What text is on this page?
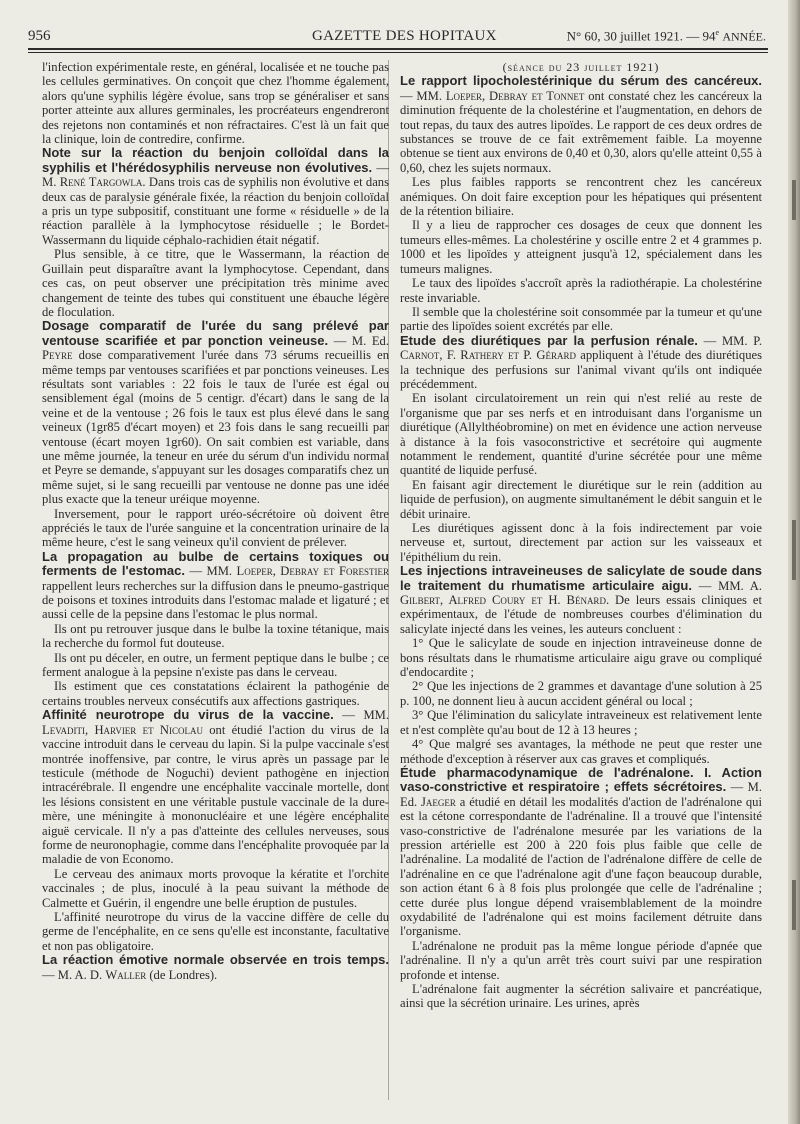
956	GAZETTE DES HOPITAUX	N° 60, 30 juillet 1921. — 94e ANNÉE.

l'infection expérimentale reste, en général, localisée et ne touche pas les cellules germinatives. On conçoit que chez l'homme également, alors qu'une syphilis légère évolue, sans trop se généraliser et sans porter atteinte aux allures germinales, les procréateurs engendreront des rejetons non contaminés et non réfractaires. C'est là un fait que la clinique, loin de contredire, confirme.

Note sur la réaction du benjoin colloïdal dans la syphilis et l'hérédosyphilis nerveuse non évolutives. — M. René Targowla. Dans trois cas de syphilis non évolutive et dans deux cas de paralysie générale fixée, la réaction du benjoin colloïdal a pris un type subpositif, constituant une forme « résiduelle » de la réaction parallèle à la lymphocytose résiduelle ; le Bordet-Wassermann du liquide céphalo-rachidien était négatif.

Plus sensible, à ce titre, que le Wassermann, la réaction de Guillain peut disparaître avant la lymphocytose. Cependant, dans ces cas, on peut observer une précipitation très minime avec changement de teinte des tubes qui constituent une ébauche légère de floculation.

Dosage comparatif de l'urée du sang prélevé par ventouse scarifiée et par ponction veineuse. — M. Ed. Peyre dose comparativement l'urée dans 73 sérums recueillis en même temps par ventouses scarifiées et par ponctions veineuses. Les résultats sont variables : 22 fois le taux de l'urée est égal ou sensiblement égal (moins de 5 centigr. d'écart) dans le sang de la veine et de la ventouse ; 26 fois le taux est plus élevé dans le sang veineux (1gr85 d'écart moyen) et 23 fois dans le sang recueilli par ventouse (écart moyen 1gr60). On sait combien est variable, dans une même journée, la teneur en urée du sérum d'un individu normal et Peyre se demande, s'appuyant sur les dosages comparatifs chez un même sujet, si le sang recueilli par ventouse ne donne pas une idée plus exacte que la teneur uréique moyenne.

Inversement, pour le rapport uréo-sécrétoire où doivent être appréciés le taux de l'urée sanguine et la concentration urinaire de la même heure, c'est le sang veineux qu'il convient de prélever.

La propagation au bulbe de certains toxiques ou ferments de l'estomac. — MM. Loeper, Debray et Forestier rappellent leurs recherches sur la diffusion dans le pneumo-gastrique de poisons et toxines introduits dans l'estomac malade et ligaturé ; et aussi celle de la pepsine dans l'estomac le plus normal.

Ils ont pu retrouver jusque dans le bulbe la toxine tétanique, mais la recherche du formol fut douteuse.

Ils ont pu déceler, en outre, un ferment peptique dans le bulbe ; ce ferment analogue à la pepsine n'existe pas dans le cerveau.

Ils estiment que ces constatations éclairent la pathogénie de certains troubles nerveux consécutifs aux affections gastriques.

Affinité neurotrope du virus de la vaccine. — MM. Levaditi, Harvier et Nicolau ont étudié l'action du virus de la vaccine introduit dans le cerveau du lapin. Si la pulpe vaccinale s'est montrée inoffensive, par contre, le virus après un passage par le testicule (méthode de Noguchi) devient pathogène en injection intracérébrale. Il engendre une encéphalite vaccinale mortelle, dont les lésions consistent en une véritable pustule vaccinale de la dure-mère, une méningite à mononucléaire et une légère encéphalite aiguë cervicale. Il n'y a pas d'atteinte des cellules nerveuses, sous forme de neuronophagie, comme dans l'encéphalite provoquée par la maladie de von Economo.

Le cerveau des animaux morts provoque la kératite et l'orchite vaccinales ; de plus, inoculé à la peau suivant la méthode de Calmette et Guérin, il engendre une belle éruption de pustules.

L'affinité neurotrope du virus de la vaccine diffère de celle du germe de l'encéphalite, en ce sens qu'elle est inconstante, facultative et non pas obligatoire.

La réaction émotive normale observée en trois temps. — M. A. D. Waller (de Londres).

(séance du 23 juillet 1921)

Le rapport lipocholestérinique du sérum des cancéreux. — MM. Loeper, Debray et Tonnet ont constaté chez les cancéreux la diminution fréquente de la cholestérine et l'augmentation, en dehors de tout repas, du taux des autres lipoïdes. Le rapport de ces deux ordres de substances se trouve de ce fait extrêmement faible. La moyenne obtenue se tient aux environs de 0,40 et 0,30, alors qu'elle atteint 0,55 à 0,60, chez les sujets normaux.

Les plus faibles rapports se rencontrent chez les cancéreux anémiques. On doit faire exception pour les hépatiques qui présentent de la rétention biliaire.

Il y a lieu de rapprocher ces dosages de ceux que donnent les tumeurs elles-mêmes. La cholestérine y oscille entre 2 et 4 grammes p. 1000 et les lipoïdes y atteignent jusqu'à 12, spécialement dans les tumeurs malignes.

Le taux des lipoïdes s'accroît après la radiothérapie. La cholestérine reste invariable.

Il semble que la cholestérine soit consommée par la tumeur et qu'une partie des lipoïdes soient excrétés par elle.

Etude des diurétiques par la perfusion rénale. — MM. P. Carnot, F. Rathery et P. Gérard appliquent à l'étude des diurétiques la technique des perfusions sur l'animal vivant qu'ils ont indiquée précédemment.

En isolant circulatoirement un rein qui n'est relié au reste de l'organisme que par ses nerfs et en introduisant dans l'organisme un diurétique (Allylthéobromine) on met en évidence une action nerveuse à distance à la fois vasoconstrictive et secrétoire qui augmente notamment le rendement, quantité d'urine sécrétée pour une même quantité de liquide perfusé.

En faisant agir directement le diurétique sur le rein (addition au liquide de perfusion), on augmente simultanément le débit sanguin et le débit urinaire.

Les diurétiques agissent donc à la fois indirectement par voie nerveuse et, surtout, directement par action sur les vaisseaux et l'épithélium du rein.

Les injections intraveineuses de salicylate de soude dans le traitement du rhumatisme articulaire aigu. — MM. A. Gilbert, Alfred Coury et H. Bénard. De leurs essais cliniques et expérimentaux, de l'étude de nombreuses courbes d'élimination du salicylate injecté dans les veines, les auteurs concluent :

1° Que le salicylate de soude en injection intraveineuse donne de bons résultats dans le rhumatisme articulaire aigu grave ou compliqué d'endocardite ;

2° Que les injections de 2 grammes et davantage d'une solution à 25 p. 100, ne donnent lieu à aucun accident général ou local ;

3° Que l'élimination du salicylate intraveineux est relativement lente et n'est complète qu'au bout de 12 à 13 heures ;

4° Que malgré ses avantages, la méthode ne peut que rester une méthode d'exception à réserver aux cas graves et compliqués.

Étude pharmacodynamique de l'adrénalone. I. Action vaso-constrictive et respiratoire ; effets sécrétoires. — M. Ed. Jaeger a étudié en détail les modalités d'action de l'adrénalone qui est la cétone correspondante de l'adrénaline. Il a trouvé que l'intensité vaso-constrictive de l'adrénalone mesurée par les variations de la pression artérielle est 200 à 220 fois plus faible que celle de l'adrénaline. La modalité de l'action de l'adrénalone diffère de celle de l'adrénaline en ce que l'adrénalone agit d'une façon beaucoup durable, son action étant 6 à 8 fois plus prolongée que celle de l'adrénaline ; cette durée plus longue dépend vraisemblablement de la moindre oxydabilité de l'adrénalone qui est moins facilement détruite dans l'organisme.

L'adrénalone ne produit pas la même longue période d'apnée que l'adrénaline. Il n'y a qu'un arrêt très court suivi par une respiration profonde et intense.

L'adrénalone fait augmenter la sécrétion salivaire et pancréatique, ainsi que la sécrétion urinaire. Les urines, après
